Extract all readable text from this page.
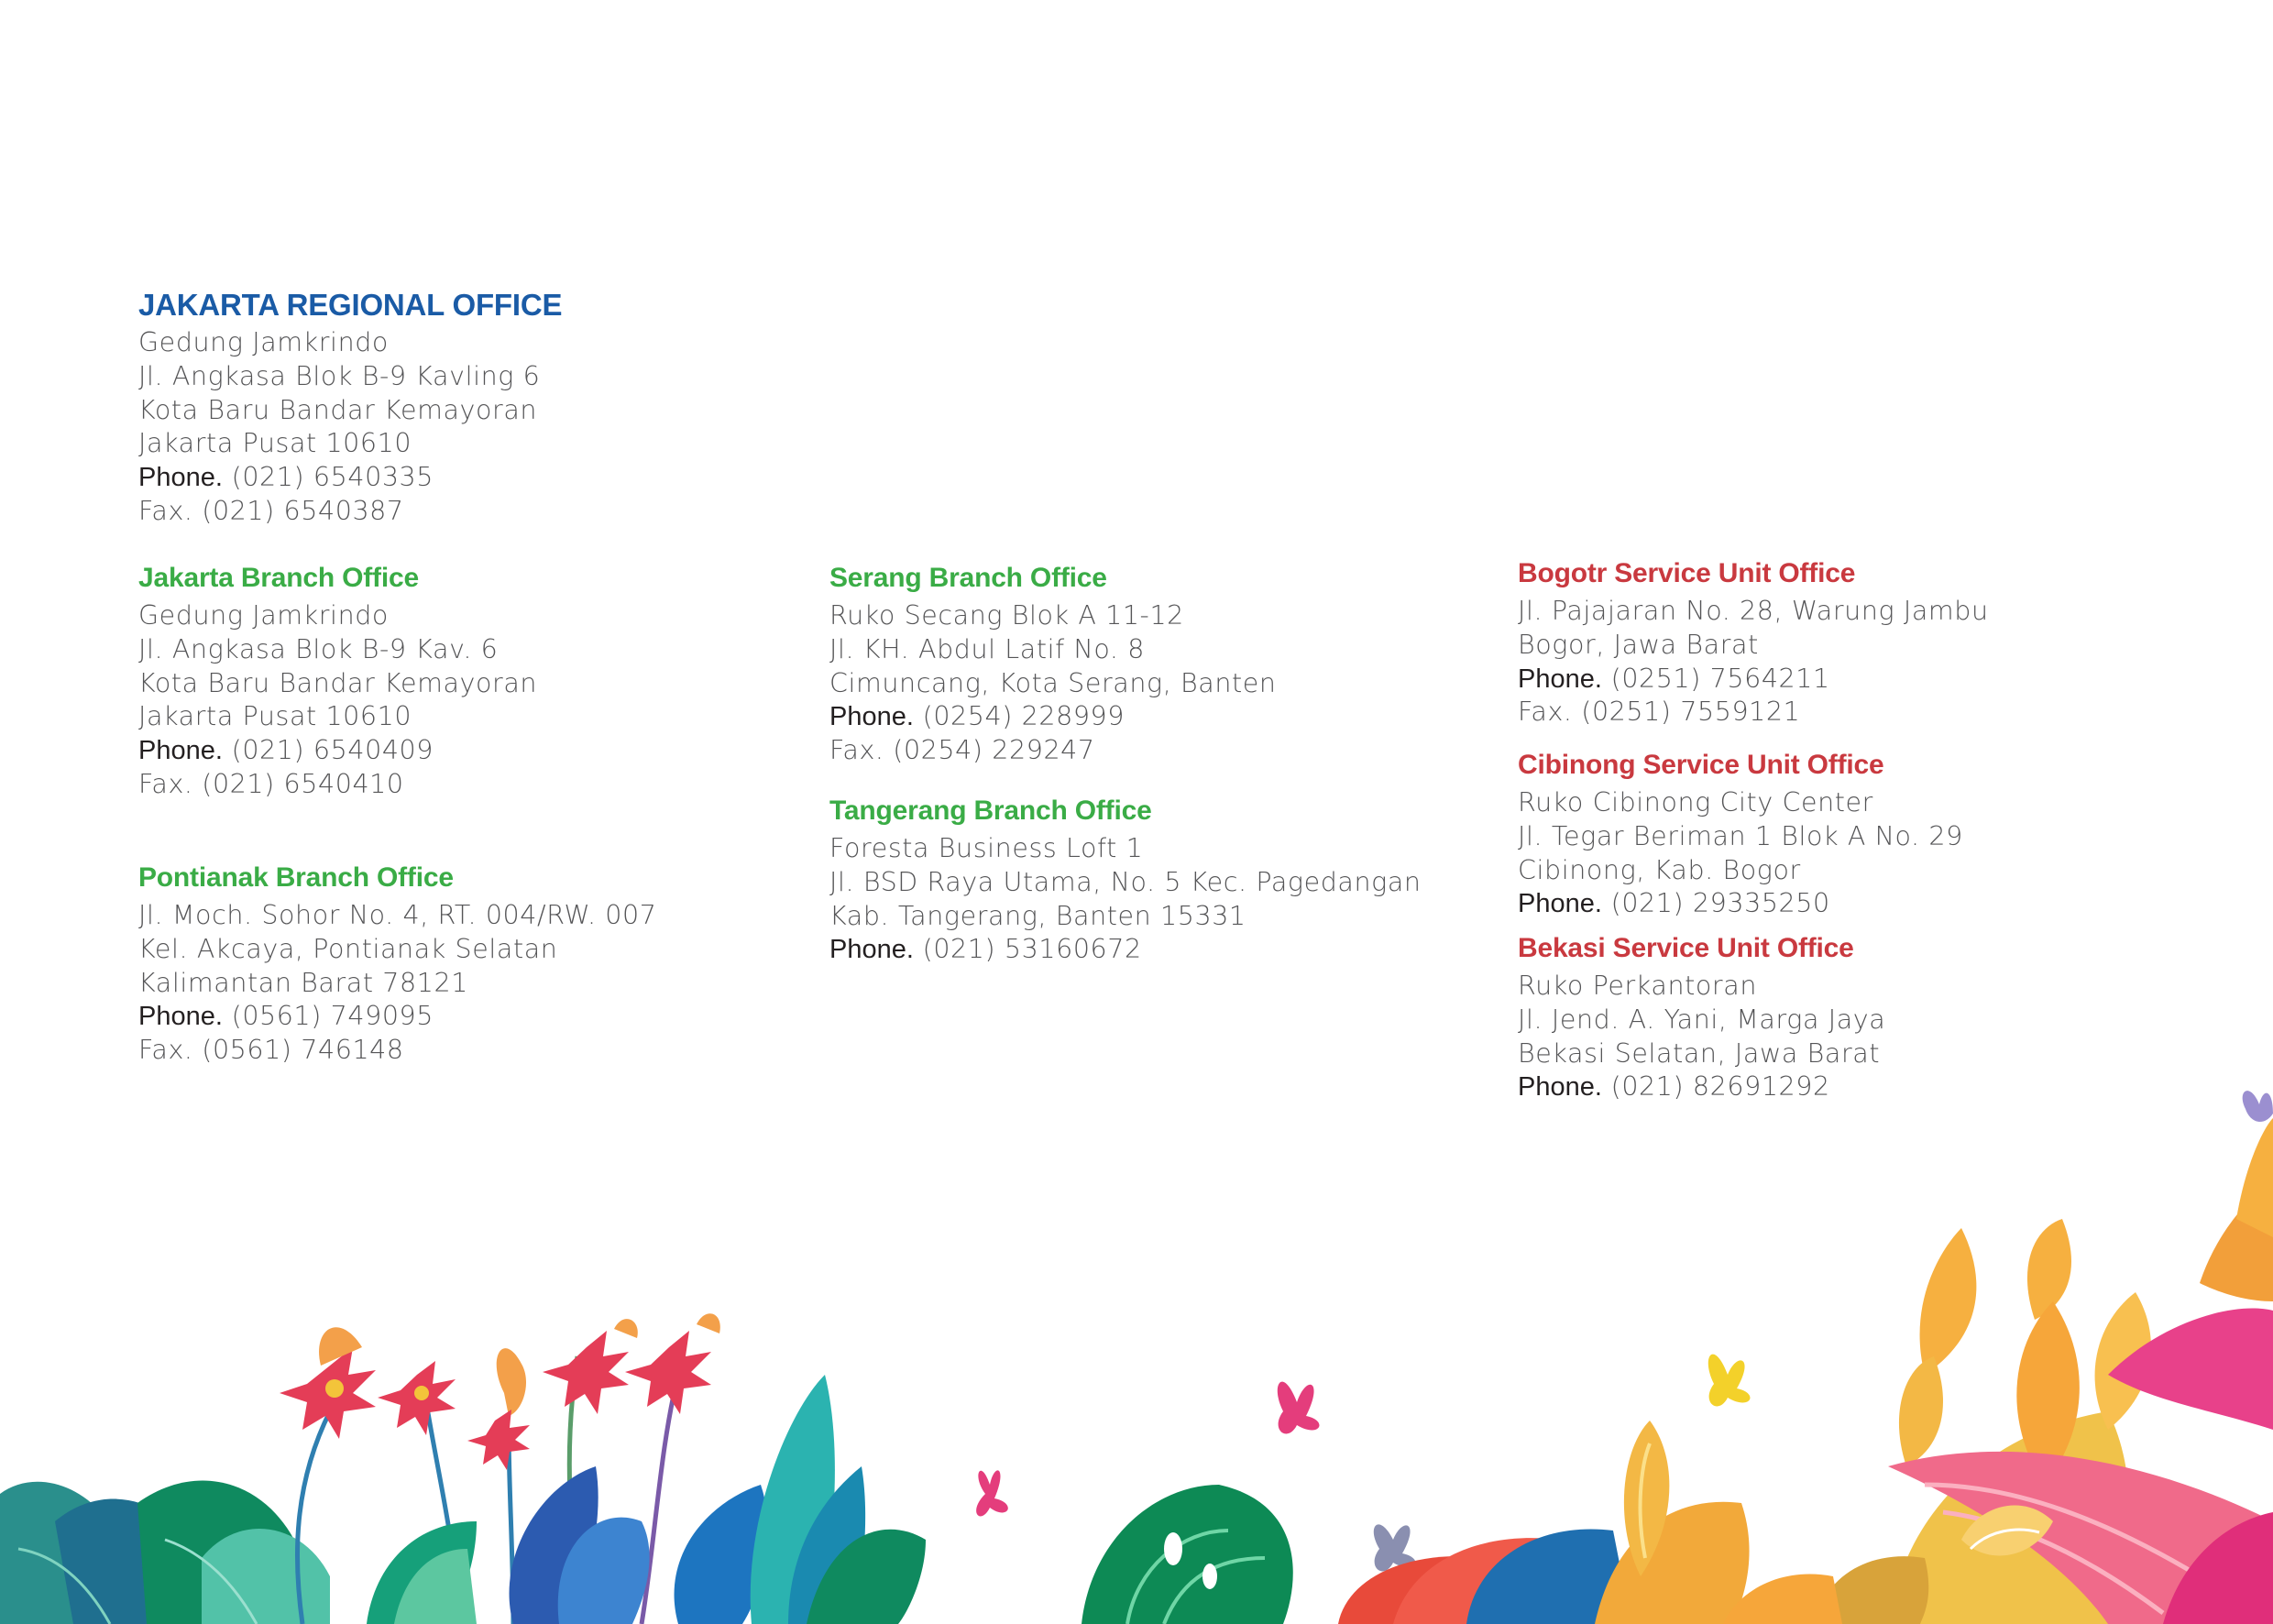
JAKARTA REGIONAL OFFICE
Gedung Jamkrindo
Jl. Angkasa Blok B-9 Kavling 6
Kota Baru Bandar Kemayoran
Jakarta Pusat 10610
Phone. (021) 6540335
Fax. (021) 6540387
Jakarta Branch Office
Gedung Jamkrindo
Jl. Angkasa Blok B-9 Kav. 6
Kota Baru Bandar Kemayoran
Jakarta Pusat 10610
Phone. (021) 6540409
Fax. (021) 6540410
Pontianak Branch Office
Jl. Moch. Sohor No. 4, RT. 004/RW. 007
Kel. Akcaya, Pontianak Selatan
Kalimantan Barat 78121
Phone. (0561) 749095
Fax. (0561) 746148
Serang Branch Office
Ruko Secang Blok A 11-12
Jl. KH. Abdul Latif No. 8
Cimuncang, Kota Serang, Banten
Phone. (0254) 228999
Fax. (0254) 229247
Tangerang Branch Office
Foresta Business Loft 1
Jl. BSD Raya Utama, No. 5 Kec. Pagedangan
Kab. Tangerang, Banten 15331
Phone. (021) 53160672
Bogotr Service Unit Office
Jl. Pajajaran No. 28, Warung Jambu
Bogor, Jawa Barat
Phone. (0251) 7564211
Fax. (0251) 7559121
Cibinong Service Unit Office
Ruko Cibinong City Center
Jl. Tegar Beriman 1 Blok A No. 29
Cibinong, Kab. Bogor
Phone. (021) 29335250
Bekasi Service Unit Office
Ruko Perkantoran
Jl. Jend. A. Yani, Marga Jaya
Bekasi Selatan, Jawa Barat
Phone. (021) 82691292
